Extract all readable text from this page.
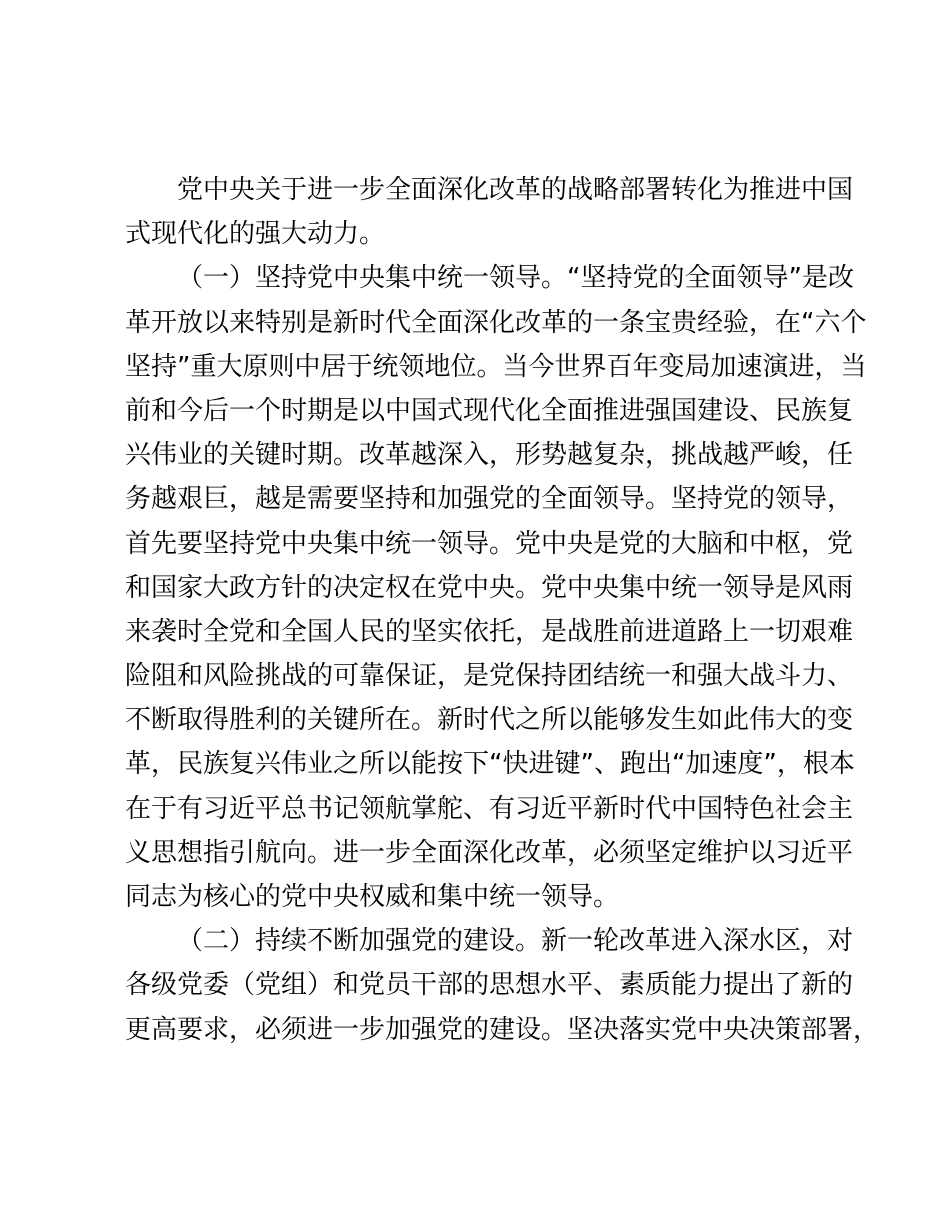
党中央关于进一步全面深化改革的战略部署转化为推进中国
式现代化的强大动力。
（一）坚持党中央集中统一领导。“坚持党的全面领导”是改
革开放以来特别是新时代全面深化改革的一条宝贵经验，在“六个
坚持”重大原则中居于统领地位。当今世界百年变局加速演进，当
前和今后一个时期是以中国式现代化全面推进强国建设、民族复
兴伟业的关键时期。改革越深入，形势越复杂，挑战越严峻，任
务越艰巨，越是需要坚持和加强党的全面领导。坚持党的领导，
首先要坚持党中央集中统一领导。党中央是党的大脑和中枢，党
和国家大政方针的决定权在党中央。党中央集中统一领导是风雨
来袭时全党和全国人民的坚实依托，是战胜前进道路上一切艰难
险阻和风险挑战的可靠保证，是党保持团结统一和强大战斗力、
不断取得胜利的关键所在。新时代之所以能够发生如此伟大的变
革，民族复兴伟业之所以能按下“快进键”、跑出“加速度”，根本
在于有习近平总书记领航掌舵、有习近平新时代中国特色社会主
义思想指引航向。进一步全面深化改革，必须坚定维护以习近平
同志为核心的党中央权威和集中统一领导。
（二）持续不断加强党的建设。新一轮改革进入深水区，对
各级党委（党组）和党员干部的思想水平、素质能力提出了新的
更高要求，必须进一步加强党的建设。坚决落实党中央决策部署，
